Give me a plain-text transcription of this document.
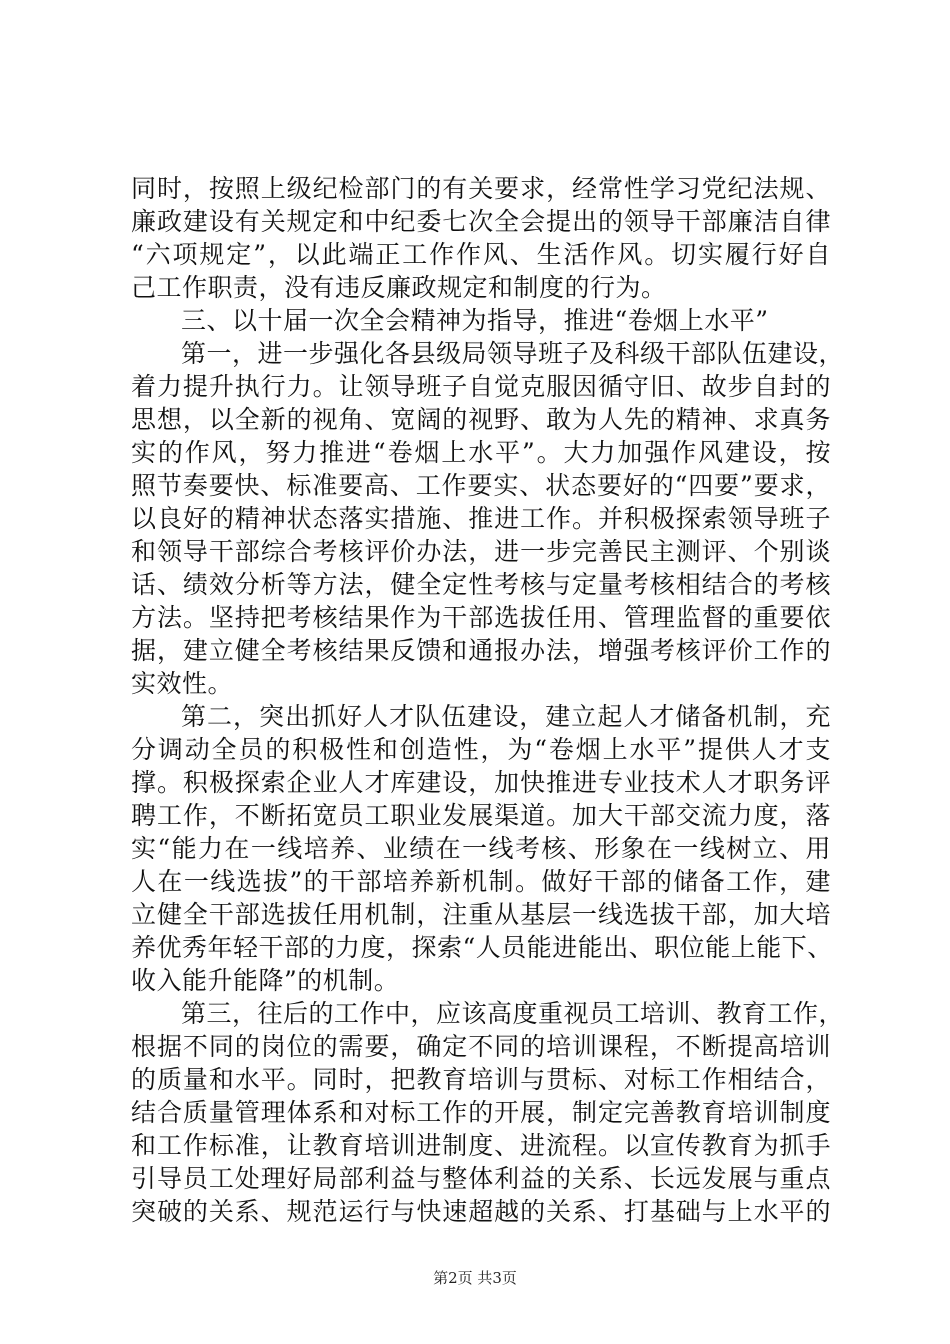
同时，按照上级纪检部门的有关要求，经常性学习党纪法规、
廉政建设有关规定和中纪委七次全会提出的领导干部廉洁自律
“六项规定”，以此端正工作作风、生活作风。切实履行好自
己工作职责，没有违反廉政规定和制度的行为。
三、以十届一次全会精神为指导，推进“卷烟上水平”
第一，进一步强化各县级局领导班子及科级干部队伍建设，
着力提升执行力。让领导班子自觉克服因循守旧、故步自封的
思想，以全新的视角、宽阔的视野、敢为人先的精神、求真务
实的作风，努力推进“卷烟上水平”。大力加强作风建设，按
照节奏要快、标准要高、工作要实、状态要好的“四要”要求，
以良好的精神状态落实措施、推进工作。并积极探索领导班子
和领导干部综合考核评价办法，进一步完善民主测评、个别谈
话、绩效分析等方法，健全定性考核与定量考核相结合的考核
方法。坚持把考核结果作为干部选拔任用、管理监督的重要依
据，建立健全考核结果反馈和通报办法，增强考核评价工作的
实效性。
第二，突出抓好人才队伍建设，建立起人才储备机制，充
分调动全员的积极性和创造性，为“卷烟上水平”提供人才支
撑。积极探索企业人才库建设，加快推进专业技术人才职务评
聘工作，不断拓宽员工职业发展渠道。加大干部交流力度，落
实“能力在一线培养、业绩在一线考核、形象在一线树立、用
人在一线选拔”的干部培养新机制。做好干部的储备工作，建
立健全干部选拔任用机制，注重从基层一线选拔干部，加大培
养优秀年轻干部的力度，探索“人员能进能出、职位能上能下、
收入能升能降”的机制。
第三，往后的工作中，应该高度重视员工培训、教育工作，
根据不同的岗位的需要，确定不同的培训课程，不断提高培训
的质量和水平。同时，把教育培训与贯标、对标工作相结合，
结合质量管理体系和对标工作的开展，制定完善教育培训制度
和工作标准，让教育培训进制度、进流程。以宣传教育为抓手
引导员工处理好局部利益与整体利益的关系、长远发展与重点
突破的关系、规范运行与快速超越的关系、打基础与上水平的
第2页 共3页
